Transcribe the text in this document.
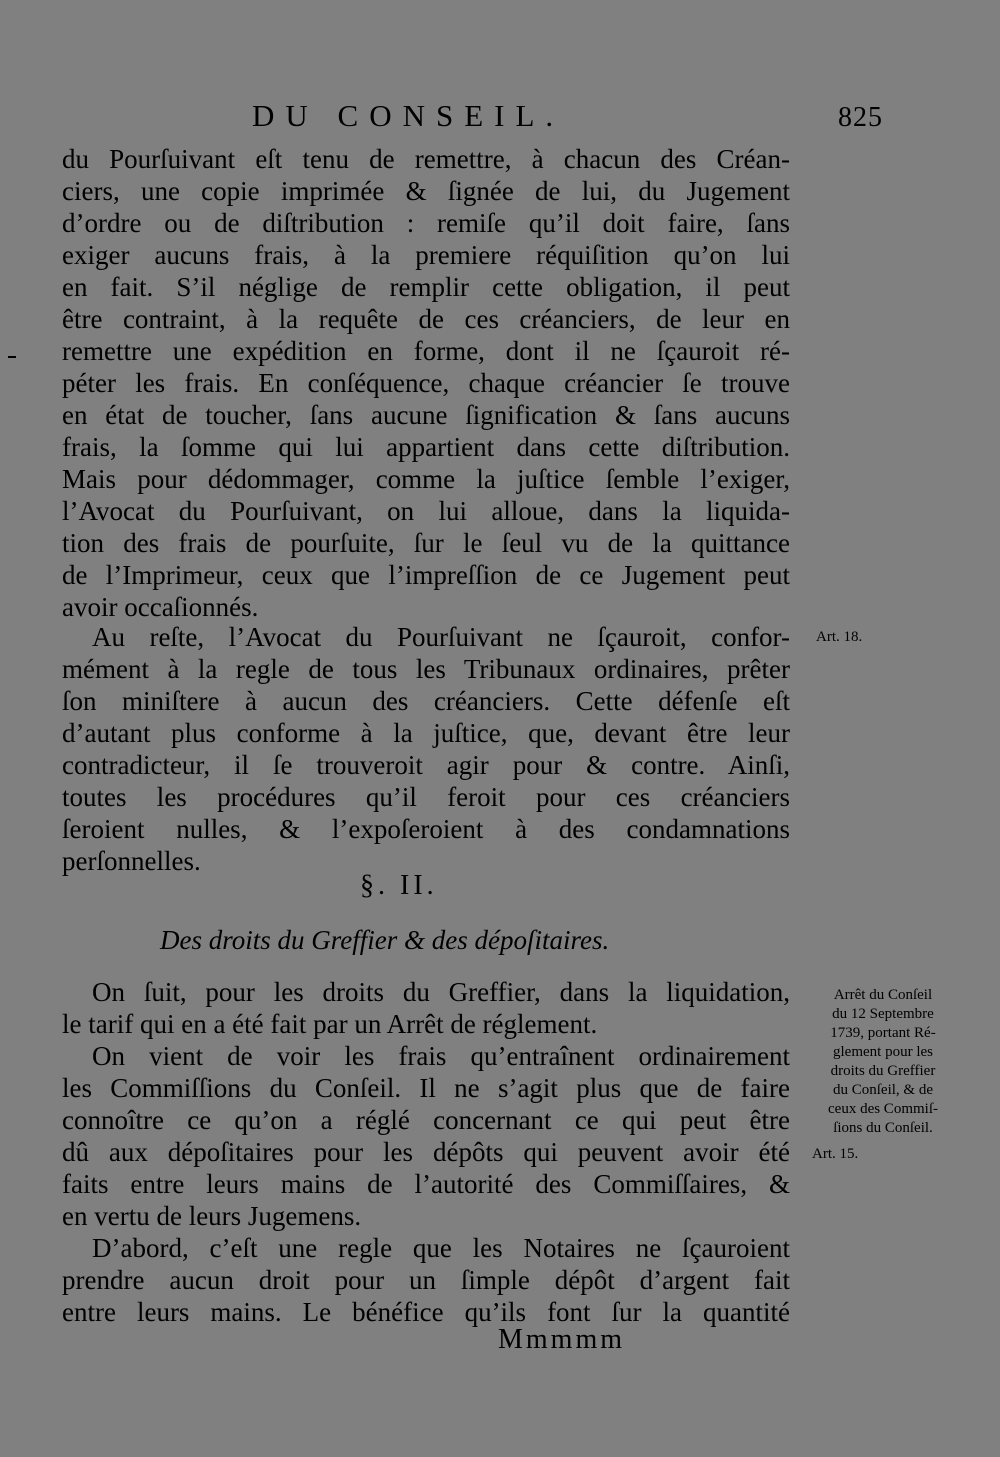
DU CONSEIL.	825
du Pourſuivant eſt tenu de remettre, à chacun des Créan-
ciers, une copie imprimée & ſignée de lui, du Jugement
d’ordre ou de diſtribution : remiſe qu’il doit faire, ſans
exiger aucuns frais, à la premiere réquiſition qu’on lui
en fait. S’il néglige de remplir cette obligation, il peut
être contraint, à la requête de ces créanciers, de leur en
remettre une expédition en forme, dont il ne ſçauroit ré-
péter les frais. En conſéquence, chaque créancier ſe trouve
en état de toucher, ſans aucune ſignification & ſans aucuns
frais, la ſomme qui lui appartient dans cette diſtribution.
Mais pour dédommager, comme la juſtice ſemble l’exiger,
l’Avocat du Pourſuivant, on lui alloue, dans la liquida-
tion des frais de pourſuite, ſur le ſeul vu de la quittance
de l’Imprimeur, ceux que l’impreſſion de ce Jugement peut
avoir occaſionnés.
Au reſte, l’Avocat du Pourſuivant ne ſçauroit, confor-
mément à la regle de tous les Tribunaux ordinaires, prêter
ſon miniſtere à aucun des créanciers. Cette défenſe eſt
d’autant plus conforme à la juſtice, que, devant être leur
contradicteur, il ſe trouveroit agir pour & contre. Ainſi,
toutes les procédures qu’il feroit pour ces créanciers
ſeroient nulles, & l’expoſeroient à des condamnations
perſonnelles.
§. II.
Des droits du Greffier & des dépoſitaires.
On ſuit, pour les droits du Greffier, dans la liquidation,
le tarif qui en a été fait par un Arrêt de réglement.
On vient de voir les frais qu’entraînent ordinairement
les Commiſſions du Conſeil. Il ne s’agit plus que de faire
connoître ce qu’on a réglé concernant ce qui peut être
dû aux dépoſitaires pour les dépôts qui peuvent avoir été
faits entre leurs mains de l’autorité des Commiſſaires, &
en vertu de leurs Jugemens.
D’abord, c’eſt une regle que les Notaires ne ſçauroient
prendre aucun droit pour un ſimple dépôt d’argent fait
entre leurs mains. Le bénéfice qu’ils font ſur la quantité
Art. 18.
Arrêt du Conſeil
du 12 Septembre
1739, portant Ré-
glement pour les
droits du Greffier
du Conſeil, & de
ceux des Commiſ-
ſions du Conſeil.
Art. 15.
Mmmmm
